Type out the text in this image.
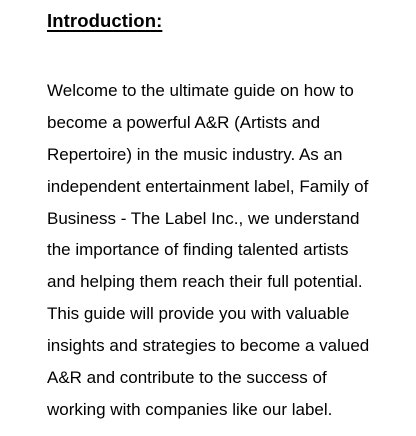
Introduction:
Welcome to the ultimate guide on how to
become a powerful A&R (Artists and
Repertoire) in the music industry. As an
independent entertainment label, Family of
Business - The Label Inc., we understand
the importance of finding talented artists
and helping them reach their full potential.
This guide will provide you with valuable
insights and strategies to become a valued
A&R and contribute to the success of
working with companies like our label.
